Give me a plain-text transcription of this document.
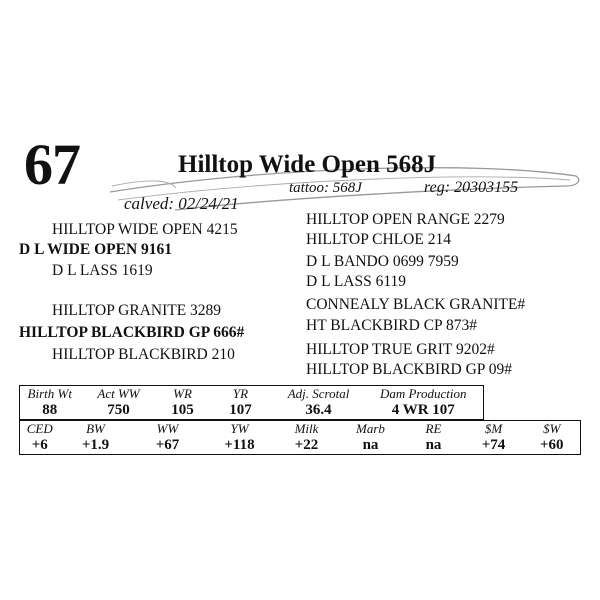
67	Hilltop Wide Open 568J
calved: 02/24/21
tattoo: 568J	reg: 20303155
HILLTOP WIDE OPEN 4215
D L WIDE OPEN 9161
D L LASS 1619
HILLTOP GRANITE 3289
HILLTOP BLACKBIRD GP 666#
HILLTOP BLACKBIRD 210
HILLTOP OPEN RANGE 2279
HILLTOP CHLOE 214
D L BANDO 0699 7959
D L LASS 6119
CONNEALY BLACK GRANITE#
HT BLACKBIRD CP 873#
HILLTOP TRUE GRIT 9202#
HILLTOP BLACKBIRD GP 09#
Birth Wt	Act WW	WR	YR	Adj. Scrotal	Dam Production
88	750	105	107	36.4	4 WR 107
CED	BW	WW	YW	Milk	Marb	RE	$M	$W
+6	+1.9	+67	+118	+22	na	na	+74	+60
